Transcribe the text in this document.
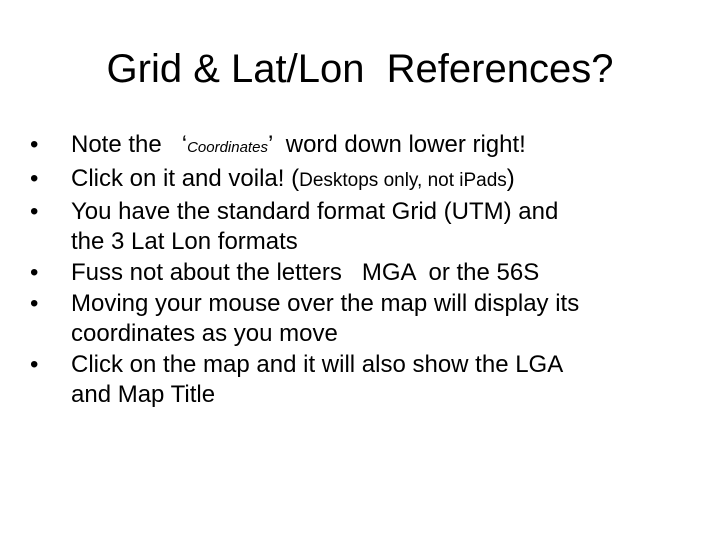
Grid & Lat/Lon  References?
•	Note the   ‘Coordinates’  word down lower right!
•	Click on it and voila! (Desktops only, not iPads)
•	You have the standard format Grid (UTM) and
the 3 Lat Lon formats
•	Fuss not about the letters   MGA  or the 56S
•	Moving your mouse over the map will display its
coordinates as you move
•	Click on the map and it will also show the LGA
and Map Title
